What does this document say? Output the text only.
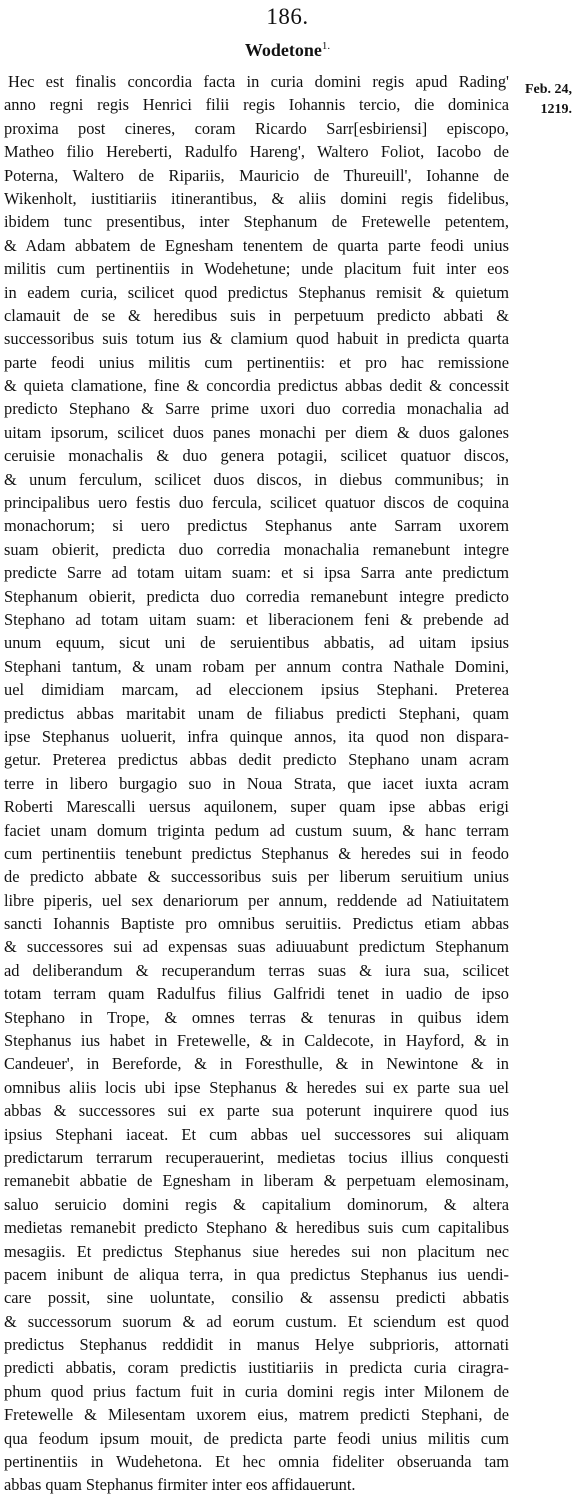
186.
Wodetone$^{1.}$
Feb. 24,
1219.
Hec est finalis concordia facta in curia domini regis apud Rading'
anno regni regis Henrici filii regis Iohannis tercio, die dominica
proxima post cineres, coram Ricardo Sarr[esbiriensi] episcopo,
Matheo filio Hereberti, Radulfo Hareng', Waltero Foliot, Iacobo de
Poterna, Waltero de Ripariis, Mauricio de Thureuill', Iohanne de
Wikenholt, iustitiariis itinerantibus, & aliis domini regis fidelibus,
ibidem tunc presentibus, inter Stephanum de Fretewelle petentem,
& Adam abbatem de Egnesham tenentem de quarta parte feodi unius
militis cum pertinentiis in Wodehetune; unde placitum fuit inter eos
in eadem curia, scilicet quod predictus Stephanus remisit & quietum
clamauit de se & heredibus suis in perpetuum predicto abbati &
successoribus suis totum ius & clamium quod habuit in predicta quarta
parte feodi unius militis cum pertinentiis: et pro hac remissione
& quieta clamatione, fine & concordia predictus abbas dedit & concessit
predicto Stephano & Sarre prime uxori duo corredia monachalia ad
uitam ipsorum, scilicet duos panes monachi per diem & duos galones
ceruisie monachalis & duo genera potagii, scilicet quatuor discos,
& unum ferculum, scilicet duos discos, in diebus communibus; in
principalibus uero festis duo fercula, scilicet quatuor discos de coquina
monachorum; si uero predictus Stephanus ante Sarram uxorem
suam obierit, predicta duo corredia monachalia remanebunt integre
predicte Sarre ad totam uitam suam: et si ipsa Sarra ante predictum
Stephanum obierit, predicta duo corredia remanebunt integre predicto
Stephano ad totam uitam suam: et liberacionem feni & prebende ad
unum equum, sicut uni de seruientibus abbatis, ad uitam ipsius
Stephani tantum, & unam robam per annum contra Nathale Domini,
uel dimidiam marcam, ad eleccionem ipsius Stephani. Preterea
predictus abbas maritabit unam de filiabus predicti Stephani, quam
ipse Stephanus uoluerit, infra quinque annos, ita quod non dispara-
getur. Preterea predictus abbas dedit predicto Stephano unam acram
terre in libero burgagio suo in Noua Strata, que iacet iuxta acram
Roberti Marescalli uersus aquilonem, super quam ipse abbas erigi
faciet unam domum triginta pedum ad custum suum, & hanc terram
cum pertinentiis tenebunt predictus Stephanus & heredes sui in feodo
de predicto abbate & successoribus suis per liberum seruitium unius
libre piperis, uel sex denariorum per annum, reddende ad Natiuitatem
sancti Iohannis Baptiste pro omnibus seruitiis. Predictus etiam abbas
& successores sui ad expensas suas adiuuabunt predictum Stephanum
ad deliberandum & recuperandum terras suas & iura sua, scilicet
totam terram quam Radulfus filius Galfridi tenet in uadio de ipso
Stephano in Trope, & omnes terras & tenuras in quibus idem
Stephanus ius habet in Fretewelle, & in Caldecote, in Hayford, & in
Candeuer', in Bereforde, & in Foresthulle, & in Newintone & in
omnibus aliis locis ubi ipse Stephanus & heredes sui ex parte sua uel
abbas & successores sui ex parte sua poterunt inquirere quod ius
ipsius Stephani iaceat. Et cum abbas uel successores sui aliquam
predictarum terrarum recuperauerint, medietas tocius illius conquesti
remanebit abbatie de Egnesham in liberam & perpetuam elemosinam,
saluo seruicio domini regis & capitalium dominorum, & altera
medietas remanebit predicto Stephano & heredibus suis cum capitalibus
mesagiis. Et predictus Stephanus siue heredes sui non placitum nec
pacem inibunt de aliqua terra, in qua predictus Stephanus ius uendi-
care possit, sine uoluntate, consilio & assensu predicti abbatis
& successorum suorum & ad eorum custum. Et sciendum est quod
predictus Stephanus reddidit in manus Helye subprioris, attornati
predicti abbatis, coram predictis iustitiariis in predicta curia ciragra-
phum quod prius factum fuit in curia domini regis inter Milonem de
Fretewelle & Milesentam uxorem eius, matrem predicti Stephani, de
qua feodum ipsum mouit, de predicta parte feodi unius militis cum
pertinentiis in Wudehetona. Et hec omnia fideliter obseruanda tam
abbas quam Stephanus firmiter inter eos affidauerunt.
